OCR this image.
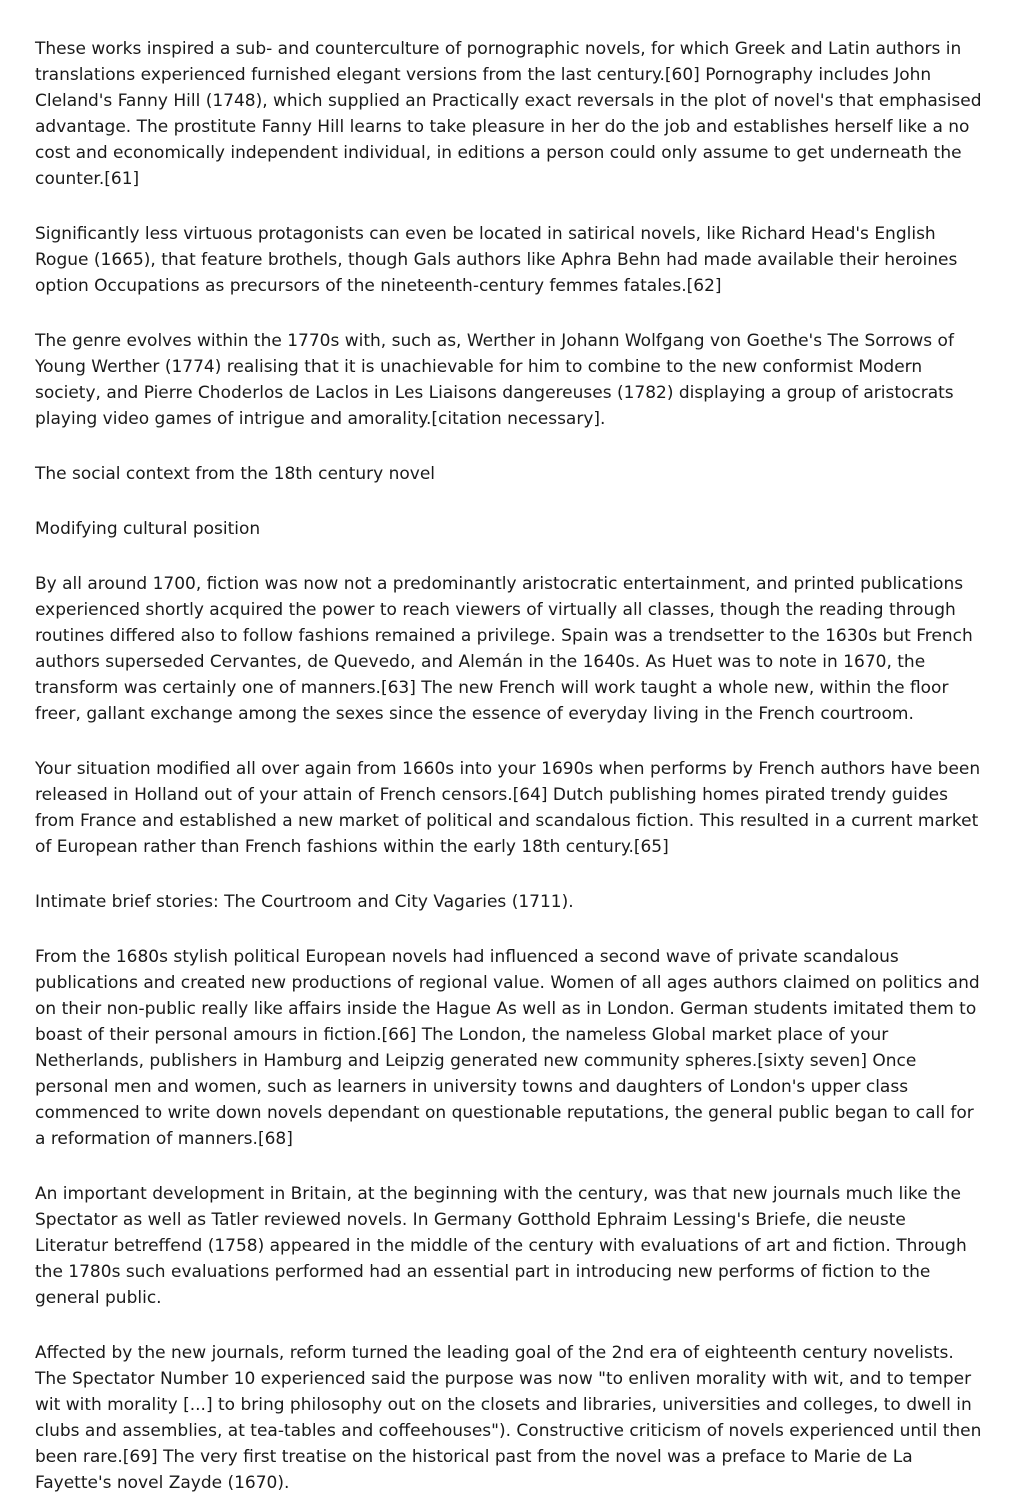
These works inspired a sub- and counterculture of pornographic novels, for which Greek and Latin authors in translations experienced furnished elegant versions from the last century.[60] Pornography includes John Cleland's Fanny Hill (1748), which supplied an Practically exact reversals in the plot of novel's that emphasised advantage. The prostitute Fanny Hill learns to take pleasure in her do the job and establishes herself like a no cost and economically independent individual, in editions a person could only assume to get underneath the counter.[61]

Significantly less virtuous protagonists can even be located in satirical novels, like Richard Head's English Rogue (1665), that feature brothels, though Gals authors like Aphra Behn had made available their heroines option Occupations as precursors of the nineteenth-century femmes fatales.[62]

The genre evolves within the 1770s with, such as, Werther in Johann Wolfgang von Goethe's The Sorrows of Young Werther (1774) realising that it is unachievable for him to combine to the new conformist Modern society, and Pierre Choderlos de Laclos in Les Liaisons dangereuses (1782) displaying a group of aristocrats playing video games of intrigue and amorality.[citation necessary].

The social context from the 18th century novel

Modifying cultural position

By all around 1700, fiction was now not a predominantly aristocratic entertainment, and printed publications experienced shortly acquired the power to reach viewers of virtually all classes, though the reading through routines differed also to follow fashions remained a privilege. Spain was a trendsetter to the 1630s but French authors superseded Cervantes, de Quevedo, and Alemán in the 1640s. As Huet was to note in 1670, the transform was certainly one of manners.[63] The new French will work taught a whole new, within the floor freer, gallant exchange among the sexes since the essence of everyday living in the French courtroom.

Your situation modified all over again from 1660s into your 1690s when performs by French authors have been released in Holland out of your attain of French censors.[64] Dutch publishing homes pirated trendy guides from France and established a new market of political and scandalous fiction. This resulted in a current market of European rather than French fashions within the early 18th century.[65]

Intimate brief stories: The Courtroom and City Vagaries (1711).

From the 1680s stylish political European novels had influenced a second wave of private scandalous publications and created new productions of regional value. Women of all ages authors claimed on politics and on their non-public really like affairs inside the Hague As well as in London. German students imitated them to boast of their personal amours in fiction.[66] The London, the nameless Global market place of your Netherlands, publishers in Hamburg and Leipzig generated new community spheres.[sixty seven] Once personal men and women, such as learners in university towns and daughters of London's upper class commenced to write down novels dependant on questionable reputations, the general public began to call for a reformation of manners.[68]

An important development in Britain, at the beginning with the century, was that new journals much like the Spectator as well as Tatler reviewed novels. In Germany Gotthold Ephraim Lessing's Briefe, die neuste Literatur betreffend (1758) appeared in the middle of the century with evaluations of art and fiction. Through the 1780s such evaluations performed had an essential part in introducing new performs of fiction to the general public.

Affected by the new journals, reform turned the leading goal of the 2nd era of eighteenth century novelists. The Spectator Number 10 experienced said the purpose was now "to enliven morality with wit, and to temper wit with morality [...] to bring philosophy out on the closets and libraries, universities and colleges, to dwell in clubs and assemblies, at tea-tables and coffeehouses"). Constructive criticism of novels experienced until then been rare.[69] The very first treatise on the historical past from the novel was a preface to Marie de La Fayette's novel Zayde (1670).
